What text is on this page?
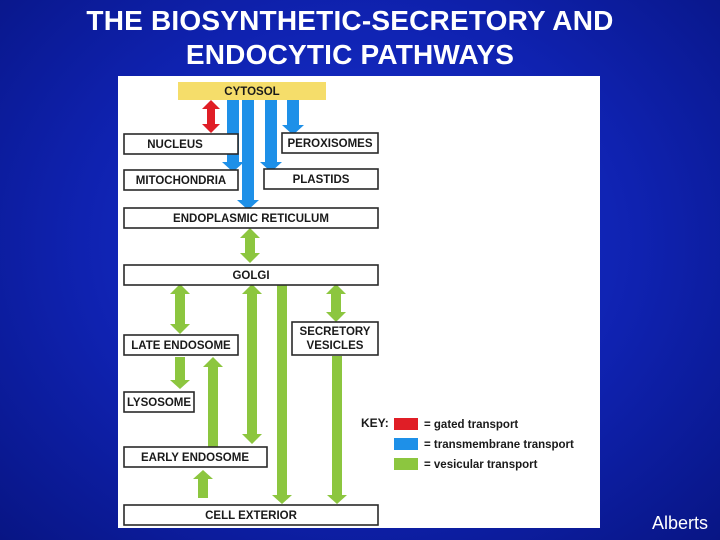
THE BIOSYNTHETIC-SECRETORY AND
ENDOCYTIC PATHWAYS
CYTOSOL
NUCLEUS	PEROXISOMES
MITOCHONDRIA	PLASTIDS
ENDOPLASMIC RETICULUM
GOLGI
LATE ENDOSOME
SECRETORY
VESICLES
LYSOSOME
EARLY ENDOSOME
CELL EXTERIOR
KEY:	= gated transport
= transmembrane transport
= vesicular transport
Alberts
